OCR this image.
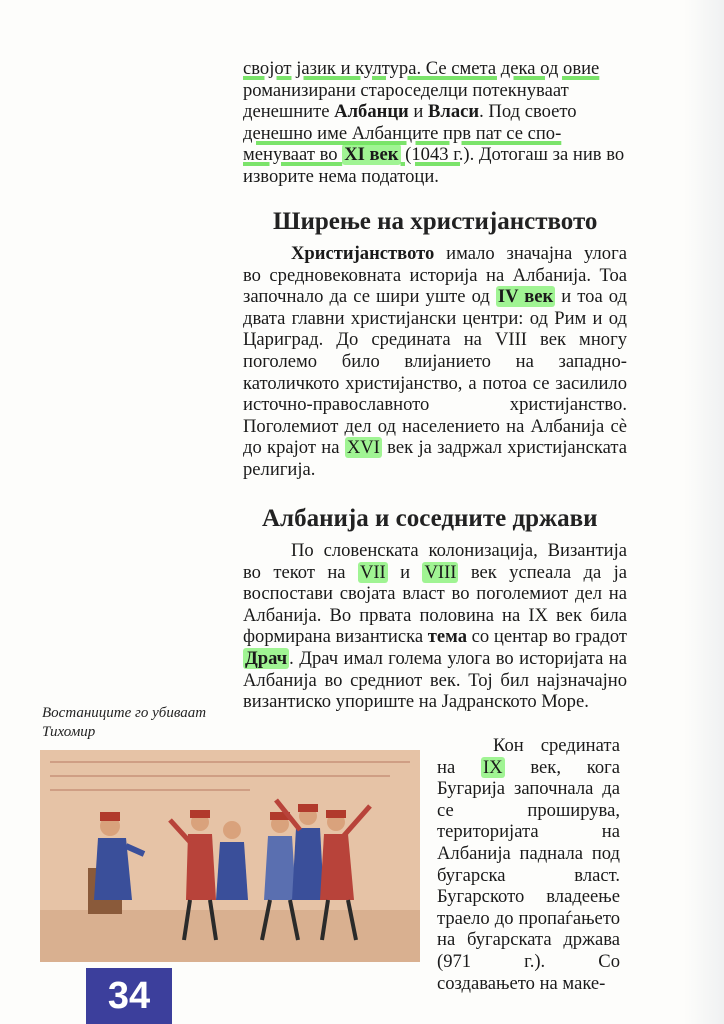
својот јазик и култура. Се смета дека од овие
романизирани староседелци потекнуваат
денешните Албанци и Власи. Под своето
денешно име Албанците прв пат се спо-
менуваат во XI век (1043 г.). Дотогаш за нив во
изворите нема податоци.
Ширење на христијанството

Христијанството имало значајна улога во средновековната историја на Албанија. Тоа започнало да се шири уште од IV век и тоа од двата главни христијански центри: од Рим и од Цариград. До средината на VIII век многу поголемо било влијанието на западно-католичкото христијанство, а потоа се засилило источно-православното христијанство. Поголемиот дел од населението на Албанија сè до крајот на XVI век ја задржал христијанската религија.

Албанија и соседните држави

По словенската колонизација, Византија во текот на VII и VIII век успеала да ја воспостави својата власт во поголемиот дел на Албанија. Во првата половина на IX век била формирана византиска тема со центар во градот Драч . Драч имал голема улога во историјата на Албанија во средниот век. Тој бил најзначајно византиско упориште на Јадранското Море.

Кон средината на IX век, кога Бугарија започнала да се проширува, територијата на Албанија паднала под бугарска власт. Бугарското владеење траело до пропаѓањето на бугарската држава (971 г.). Со создавањето на маке-

Востаниците го убиваат Тихомир
34
